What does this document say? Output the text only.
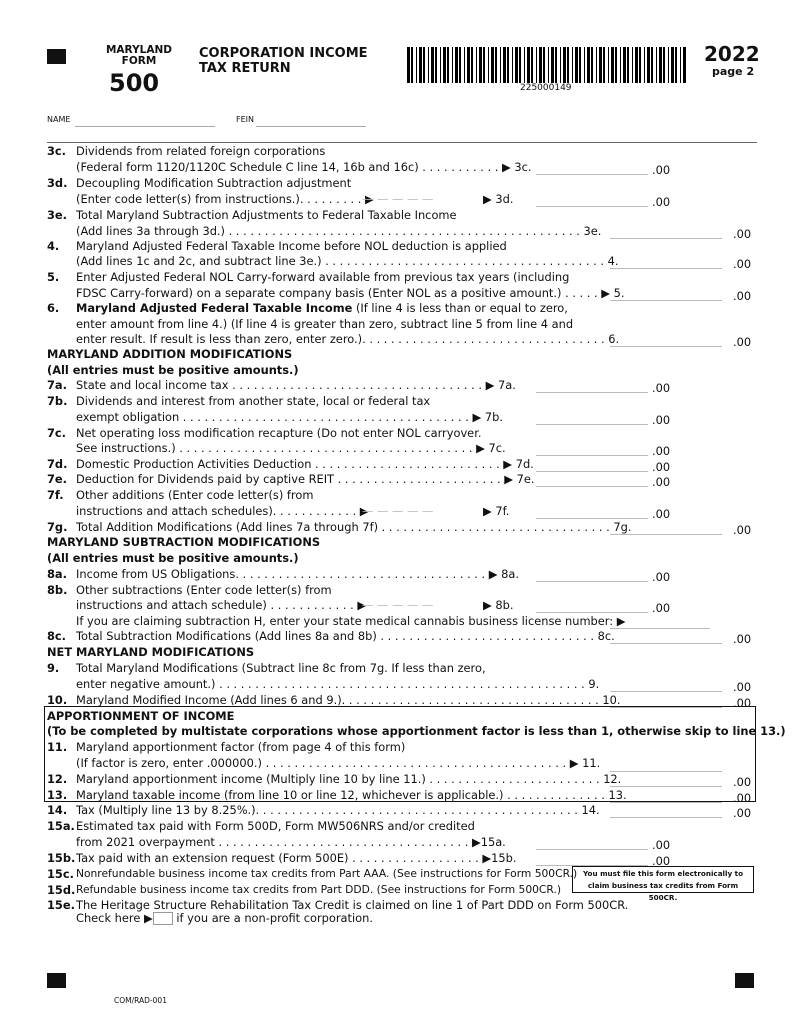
MARYLAND
FORM
500
CORPORATION INCOME
TAX RETURN
225000149
2022
page 2
NAME	FEIN
3c. Dividends from related foreign corporations
(Federal form 1120/1120C Schedule C line 14, 16b and 16c) . . . . . . . . . . . ▶ 3c.	.00
3d. Decoupling Modification Subtraction adjustment
(Enter code letter(s) from instructions.). . . . . . . . . ▶
— — — — —	▶ 3d.	.00
3e. Total Maryland Subtraction Adjustments to Federal Taxable Income
(Add lines 3a through 3d.) . . . . . . . . . . . . . . . . . . . . . . . . . . . . . . . . . . . . . . . . . . . . . . . . . 3e.	.00
4. Maryland Adjusted Federal Taxable Income before NOL deduction is applied
(Add lines 1c and 2c, and subtract line 3e.) . . . . . . . . . . . . . . . . . . . . . . . . . . . . . . . . . . . . . . . 4.	.00
5. Enter Adjusted Federal NOL Carry-forward available from previous tax years (including
FDSC Carry-forward) on a separate company basis (Enter NOL as a positive amount.) . . . . . ▶ 5.	.00
6. Maryland Adjusted Federal Taxable Income (If line 4 is less than or equal to zero,
enter amount from line 4.) (If line 4 is greater than zero, subtract line 5 from line 4 and
enter result. If result is less than zero, enter zero.). . . . . . . . . . . . . . . . . . . . . . . . . . . . . . . . . . 6.	.00
MARYLAND ADDITION MODIFICATIONS
(All entries must be positive amounts.)
7a. State and local income tax . . . . . . . . . . . . . . . . . . . . . . . . . . . . . . . . . . . ▶ 7a.	.00
7b. Dividends and interest from another state, local or federal tax
exempt obligation . . . . . . . . . . . . . . . . . . . . . . . . . . . . . . . . . . . . . . . . ▶ 7b.	.00
7c. Net operating loss modification recapture (Do not enter NOL carryover.
See instructions.) . . . . . . . . . . . . . . . . . . . . . . . . . . . . . . . . . . . . . . . . . ▶ 7c.	.00
7d. Domestic Production Activities Deduction . . . . . . . . . . . . . . . . . . . . . . . . . . ▶ 7d.	.00
7e. Deduction for Dividends paid by captive REIT . . . . . . . . . . . . . . . . . . . . . . . ▶ 7e.	.00
7f. Other additions (Enter code letter(s) from
instructions and attach schedules). . . . . . . . . . . . ▶
— — — — —	▶ 7f.	.00
7g. Total Addition Modifications (Add lines 7a through 7f) . . . . . . . . . . . . . . . . . . . . . . . . . . . . . . . . 7g.	.00
MARYLAND SUBTRACTION MODIFICATIONS
(All entries must be positive amounts.)
8a. Income from US Obligations. . . . . . . . . . . . . . . . . . . . . . . . . . . . . . . . . . . ▶ 8a.	.00
8b. Other subtractions (Enter code letter(s) from
instructions and attach schedule) . . . . . . . . . . . . ▶
— — — — —	▶ 8b.	.00
If you are claiming subtraction H, enter your state medical cannabis business license number: ▶
8c. Total Subtraction Modifications (Add lines 8a and 8b) . . . . . . . . . . . . . . . . . . . . . . . . . . . . . . 8c.	.00
NET MARYLAND MODIFICATIONS
9. Total Maryland Modifications (Subtract line 8c from 7g. If less than zero,
enter negative amount.) . . . . . . . . . . . . . . . . . . . . . . . . . . . . . . . . . . . . . . . . . . . . . . . . . . . 9.	.00
10. Maryland Modified Income (Add lines 6 and 9.). . . . . . . . . . . . . . . . . . . . . . . . . . . . . . . . . . . . 10.	.00
APPORTIONMENT OF INCOME
(To be completed by multistate corporations whose apportionment factor is less than 1, otherwise skip to line 13.)
11. Maryland apportionment factor (from page 4 of this form)
(If factor is zero, enter .000000.) . . . . . . . . . . . . . . . . . . . . . . . . . . . . . . . . . . . . . . . . . . ▶ 11.
12. Maryland apportionment income (Multiply line 10 by line 11.) . . . . . . . . . . . . . . . . . . . . . . . . 12.	.00
13. Maryland taxable income (from line 10 or line 12, whichever is applicable.) . . . . . . . . . . . . . . 13.	.00
14. Tax (Multiply line 13 by 8.25%.). . . . . . . . . . . . . . . . . . . . . . . . . . . . . . . . . . . . . . . . . . . . . 14.	.00
15a. Estimated tax paid with Form 500D, Form MW506NRS and/or credited
from 2021 overpayment . . . . . . . . . . . . . . . . . . . . . . . . . . . . . . . . . . . ▶15a.	.00
15b. Tax paid with an extension request (Form 500E) . . . . . . . . . . . . . . . . . . ▶15b.	.00
15c. Nonrefundable business income tax credits from Part AAA. (See instructions for Form 500CR.)
15d. Refundable business income tax credits from Part DDD. (See instructions for Form 500CR.)
15e. The Heritage Structure Rehabilitation Tax Credit is claimed on line 1 of Part DDD on Form 500CR.
You must file this form electronically to
claim business tax credits from Form 500CR.
Check here ▶ if you are a non-profit corporation.
COM/RAD-001
